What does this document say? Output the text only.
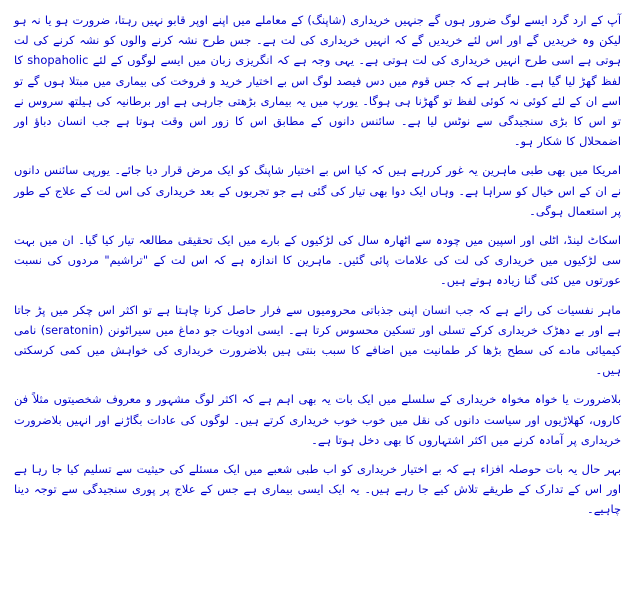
آپ کے ارد گرد ایسے لوگ ضرور ہوں گے جنہیں خریداری (شاپنگ) کے معاملے میں اپنے اوپر قابو نہیں رہتا، ضرورت ہو یا نہ ہو لیکن وہ خریدیں گے اور اس لئے خریدیں گے کہ انہیں خریداری کی لت ہے۔ جس طرح نشہ کرنے والوں کو نشہ کرنے کی لت ہوتی ہے اسی طرح انہیں خریداری کی لت ہوتی ہے۔ یہی وجہ ہے کہ انگریزی زبان میں ایسے لوگوں کے لئے shopaholic کا لفظ گھڑ لیا گیا ہے۔ ظاہر ہے کہ جس قوم میں دس فیصد لوگ اس بے اختیار خرید و فروخت کی بیماری میں مبتلا ہوں گے تو اسے ان کے لئے کوئی نہ کوئی لفظ تو گھڑنا ہی ہوگا۔ یورپ میں یہ بیماری بڑھتی جارہی ہے اور برطانیہ کی ہیلتھ سروس نے تو اس کا بڑی سنجیدگی سے نوٹس لیا ہے۔ سائنس دانوں کے مطابق اس کا زور اس وقت ہوتا ہے جب انسان دباؤ اور اضمحلال کا شکار ہو۔

امریکا میں بھی طبی ماہرین یہ غور کررہے ہیں کہ کیا اس بے اختیار شاپنگ کو ایک مرض قرار دیا جائے۔ یورپی سائنس دانوں نے ان کے اس خیال کو سراہا ہے۔ وہاں ایک دوا بھی تیار کی گئی ہے جو تجربوں کے بعد خریداری کی اس لت کے علاج کے طور پر استعمال ہوگی۔

اسکاٹ لینڈ، اٹلی اور اسپین میں چودہ سے اٹھارہ سال کی لڑکیوں کے بارے میں ایک تحقیقی مطالعہ تیار کیا گیا۔ ان میں بہت سی لڑکیوں میں خریداری کی لت کی علامات پائی گئیں۔ ماہرین کا اندازہ ہے کہ اس لت کے "تراشیم" مردوں کی نسبت عورتوں میں کئی گنا زیادہ ہوتے ہیں۔

ماہر نفسیات کی رائے ہے کہ جب انسان اپنی جذباتی محرومیوں سے فرار حاصل کرنا چاہتا ہے تو اکثر اس چکر میں پڑ جاتا ہے اور بے دھڑک خریداری کرکے تسلی اور تسکین محسوس کرتا ہے۔ ایسی ادویات جو دماغ میں سیراٹونن (seratonin) نامی کیمیائی مادے کی سطح بڑھا کر طمانیت میں اضافے کا سبب بنتی ہیں بلاضرورت خریداری کی خواہش میں کمی کرسکتی ہیں۔

بلاضرورت یا خواہ مخواہ خریداری کے سلسلے میں ایک بات یہ بھی اہم ہے کہ اکثر لوگ مشہور و معروف شخصیتوں مثلاً فن کاروں، کھلاڑیوں اور سیاست دانوں کی نقل میں خوب خوب خریداری کرتے ہیں۔ لوگوں کی عادات بگاڑنے اور انہیں بلاضرورت خریداری پر آمادہ کرنے میں اکثر اشتہاروں کا بھی دخل ہوتا ہے۔

بہر حال یہ بات حوصلہ افزاء ہے کہ بے اختیار خریداری کو اب طبی شعبے میں ایک مسئلے کی حیثیت سے تسلیم کیا جا رہا ہے اور اس کے تدارک کے طریقے تلاش کیے جا رہے ہیں۔ یہ ایک ایسی بیماری ہے جس کے علاج پر پوری سنجیدگی سے توجہ دینا چاہیے۔
